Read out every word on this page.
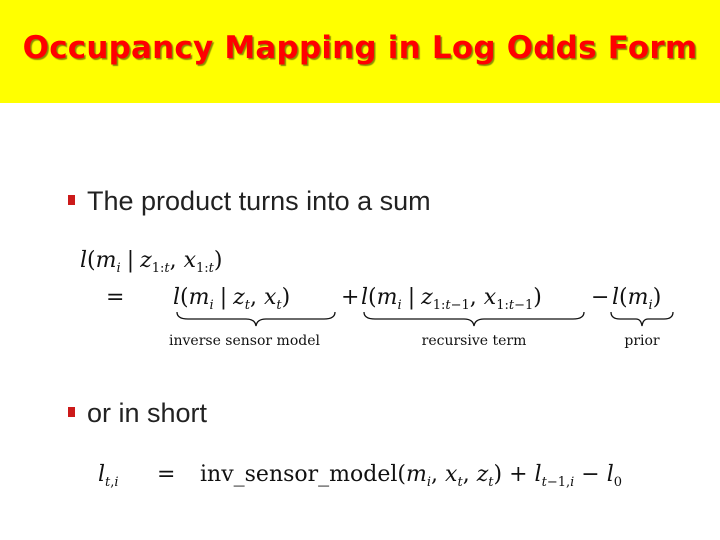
Occupancy Mapping in Log Odds Form
The product turns into a sum
$l(m_i$ | $z_{1:t}$, $x_{1:t}$)
= $l(m_i$ | $z_t$, $x_t) + l(m_i$ | $z_{1:t-1}$, $x_{1:t-1}) - l(m_i)$
inverse sensor model	recursive term	prior
or in short
$l_{t,i}$ = $inv\_sensor\_model(m_i$, $x_t$, $z_t) + l_{t-1,i} - l_0$
